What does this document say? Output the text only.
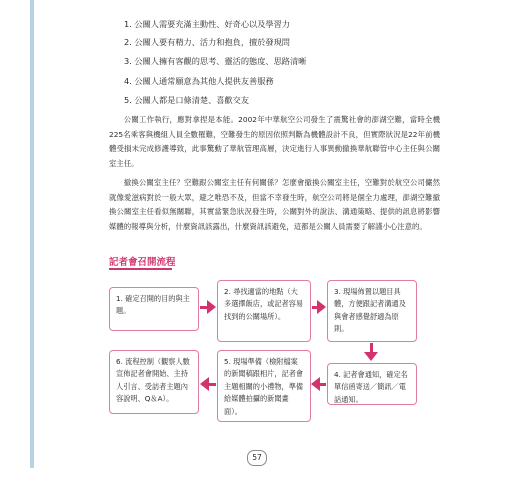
1. 公關人需要充滿主動性、好奇心以及學習力
2. 公關人要有精力、活力和抱負，擅於發現問
3. 公關人擁有客觀的思考、靈活的態度、思路清晰
4. 公關人通常願意為其他人提供友善服務
5. 公關人都是口條清楚、喜歡交友

公關工作執行，應對拿捏是本能。2002年中華航空公司發生了震驚社會的澎湖空難，當時全機225名乘客與機組人員全數罹難，空難發生的原因依照判斷為機體設計不良，但實際狀況是22年前機體受損未完成修護導致，此事驚動了華航管理高層，決定進行人事異動撤換華航聯管中心主任與公關室主任。

撤換公關室主任？空難跟公關室主任有何關係？怎麼會撤換公關室主任，空難對於航空公司儼然就像愛滋病對於一般大眾，避之唯恐不及，但當不幸發生時，航空公司將是個全力處理，澎湖空難撤換公關室主任看似無關聯，其實當緊急狀況發生時，公關對外的說法、溝通策略、提供的訊息將影響媒體的報導與分析，什麼資訊該露出，什麼資訊該避免，這都是公關人員需要了解謹小心注意的。

記者會召開流程
1. 確定召開的目的與主題。
2. 尋找適當的地點（大多選擇飯店，或記者容易找到的公關場所）。
3. 現場佈置以題目具體，方便跟記者溝通及與會者感覺舒適為原則。
4. 記者會通知，確定名單信函寄送／簡訊／電話通知。
5. 現場準備（檢附檔案的新聞稿跟相片，記者會主題相關的小禮物，準備給媒體拍攝的新聞畫面）。
6. 流程控制（觀察人數宣佈記者會開始、主持人引言、受訪者主題內容說明、Q＆A）。
57
